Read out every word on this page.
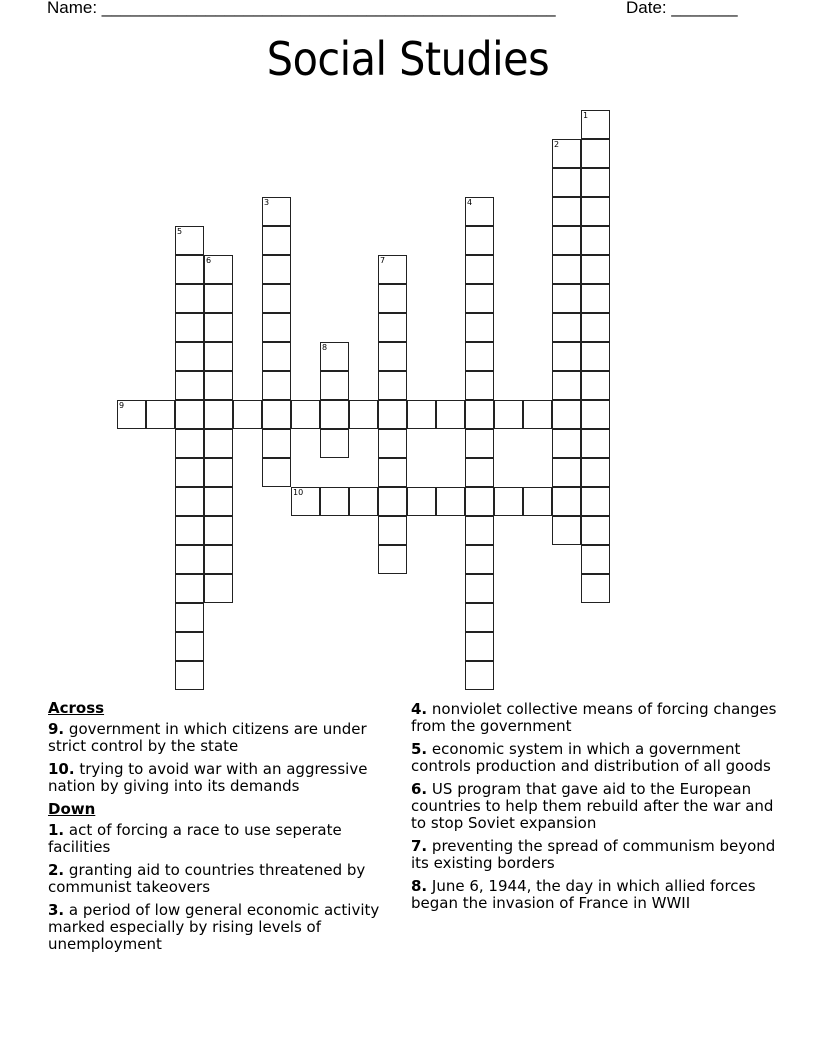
Name: ________________________________________________	Date: _______
Social Studies
1
2
3	4
5
6	7
8
9
10
Across
9. government in which citizens are under strict control by the state
10. trying to avoid war with an aggressive nation by giving into its demands
Down
1. act of forcing a race to use seperate facilities
2. granting aid to countries threatened by communist takeovers
3. a period of low general economic activity marked especially by rising levels of unemployment
4. nonviolet collective means of forcing changes from the government
5. economic system in which a government controls production and distribution of all goods
6. US program that gave aid to the European countries to help them rebuild after the war and to stop Soviet expansion
7. preventing the spread of communism beyond its existing borders
8. June 6, 1944, the day in which allied forces began the invasion of France in WWII
